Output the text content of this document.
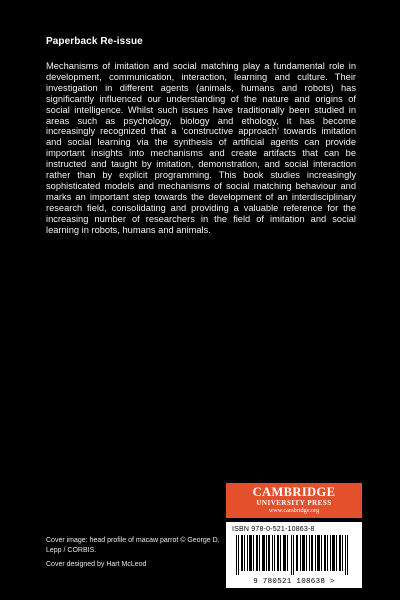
Paperback Re-issue

Mechanisms of imitation and social matching play a fundamental role in development, communication, interaction, learning and culture. Their investigation in different agents (animals, humans and robots) has significantly influenced our understanding of the nature and origins of social intelligence. Whilst such issues have traditionally been studied in areas such as psychology, biology and ethology, it has become increasingly recognized that a ‘constructive approach’ towards imitation and social learning via the synthesis of artificial agents can provide important insights into mechanisms and create artifacts that can be instructed and taught by imitation, demonstration, and social interaction rather than by explicit programming. This book studies increasingly sophisticated models and mechanisms of social matching behaviour and marks an important step towards the development of an interdisciplinary research field, consolidating and providing a valuable reference for the increasing number of researchers in the field of imitation and social learning in robots, humans and animals.

CAMBRIDGE
UNIVERSITY PRESS
www.cambridge.org
Cover image: head profile of macaw parrot © George D. Lepp / CORBIS.
Cover designed by Hart McLeod
ISBN 978-0-521-10863-8
9 780521 108638 >
